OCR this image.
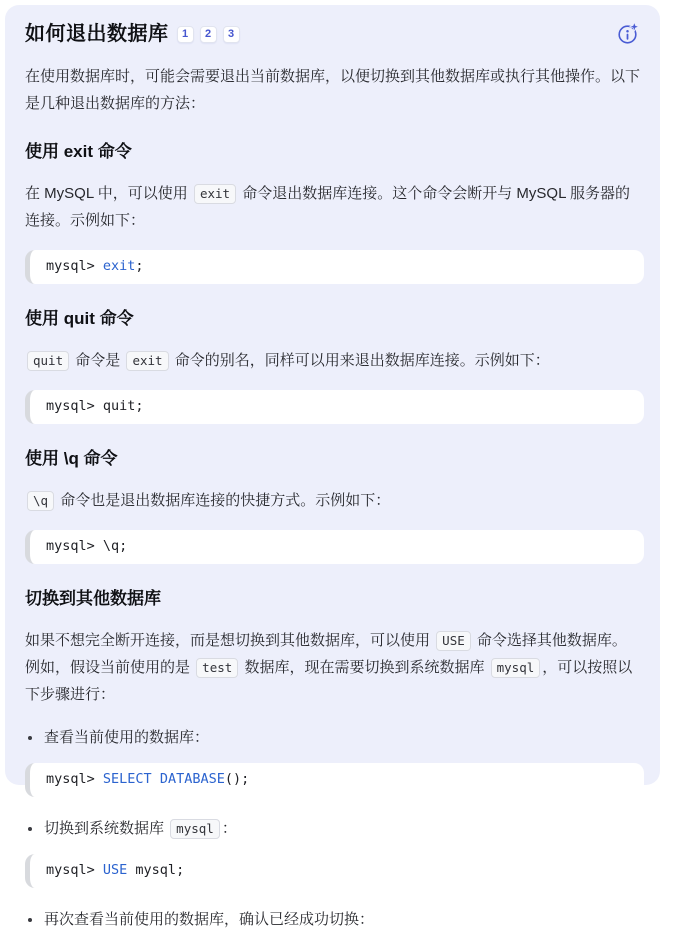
如何退出数据库	1	2	3

在使用数据库时，可能会需要退出当前数据库，以便切换到其他数据库或执行其他操作。以下是几种退出数据库的方法：

使用 exit 命令

在 MySQL 中，可以使用 exit 命令退出数据库连接。这个命令会断开与 MySQL 服务器的连接。示例如下：

mysql> exit;
使用 quit 命令

quit 命令是 exit 命令的别名，同样可以用来退出数据库连接。示例如下：

mysql> quit;
使用 \q 命令

\q 命令也是退出数据库连接的快捷方式。示例如下：

mysql> \q;
切换到其他数据库

如果不想完全断开连接，而是想切换到其他数据库，可以使用 USE 命令选择其他数据库。例如，假设当前使用的是 test 数据库，现在需要切换到系统数据库 mysql ，可以按照以下步骤进行：

查看当前使用的数据库：
mysql> SELECT DATABASE();
切换到系统数据库 mysql ：
mysql> USE mysql;
再次查看当前使用的数据库，确认已经成功切换：
